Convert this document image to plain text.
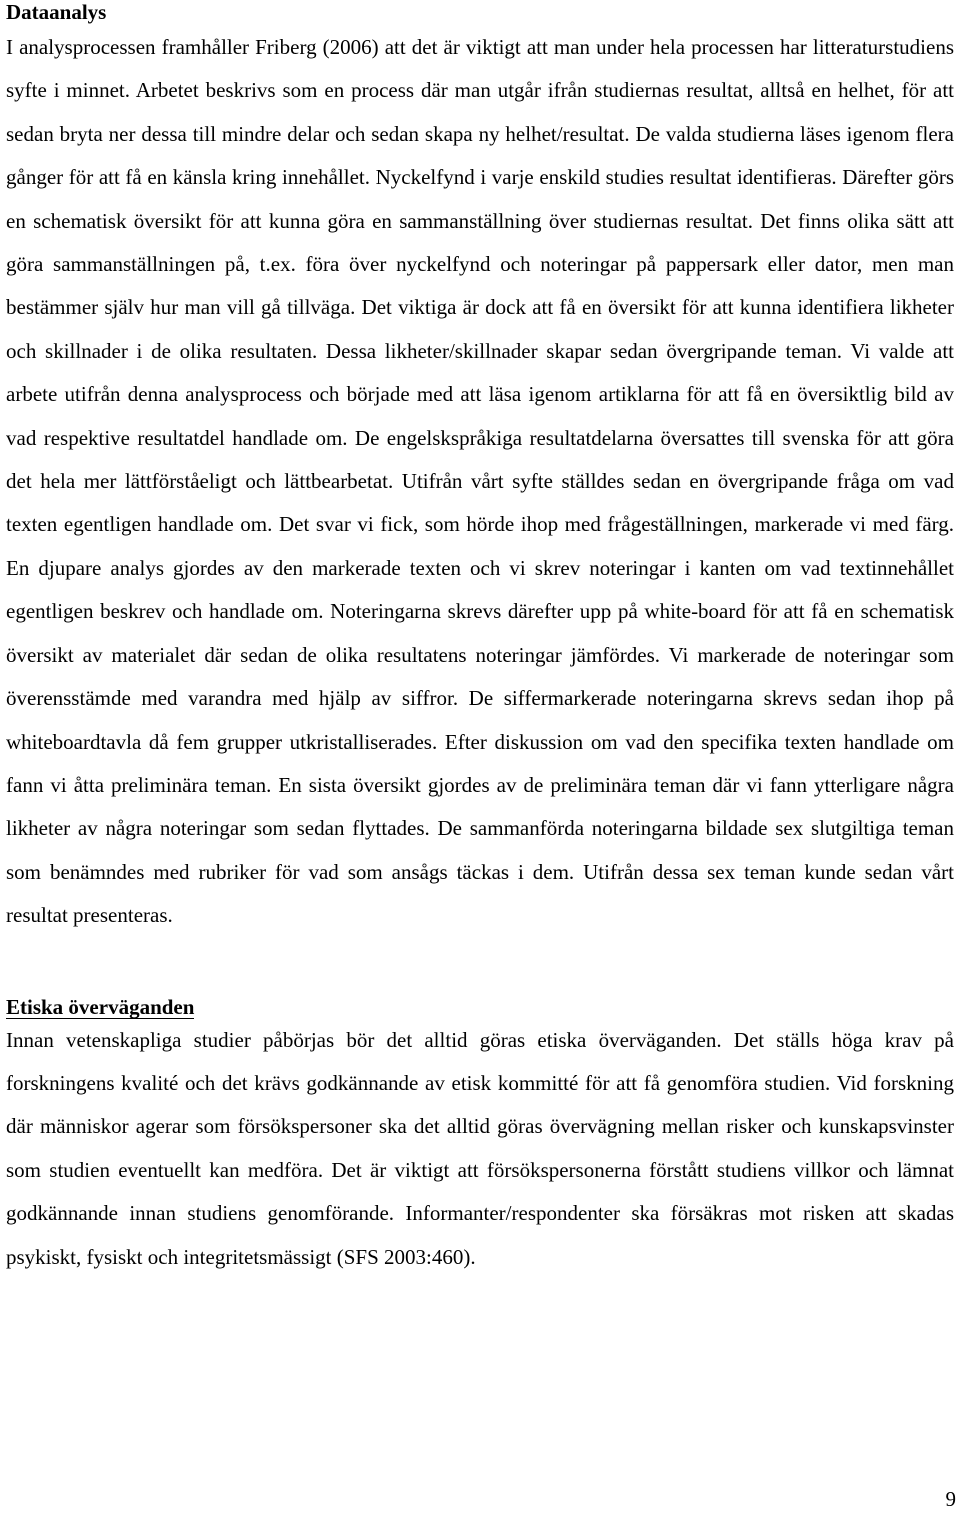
Dataanalys

I analysprocessen framhåller Friberg (2006) att det är viktigt att man under hela processen har litteraturstudiens syfte i minnet. Arbetet beskrivs som en process där man utgår ifrån studiernas resultat, alltså en helhet, för att sedan bryta ner dessa till mindre delar och sedan skapa ny helhet/resultat. De valda studierna läses igenom flera gånger för att få en känsla kring innehållet. Nyckelfynd i varje enskild studies resultat identifieras. Därefter görs en schematisk översikt för att kunna göra en sammanställning över studiernas resultat. Det finns olika sätt att göra sammanställningen på, t.ex. föra över nyckelfynd och noteringar på pappersark eller dator, men man bestämmer själv hur man vill gå tillväga. Det viktiga är dock att få en översikt för att kunna identifiera likheter och skillnader i de olika resultaten. Dessa likheter/skillnader skapar sedan övergripande teman. Vi valde att arbete utifrån denna analysprocess och började med att läsa igenom artiklarna för att få en översiktlig bild av vad respektive resultatdel handlade om. De engelskspråkiga resultatdelarna översattes till svenska för att göra det hela mer lättförståeligt och lättbearbetat. Utifrån vårt syfte ställdes sedan en övergripande fråga om vad texten egentligen handlade om. Det svar vi fick, som hörde ihop med frågeställningen, markerade vi med färg. En djupare analys gjordes av den markerade texten och vi skrev noteringar i kanten om vad textinnehållet egentligen beskrev och handlade om. Noteringarna skrevs därefter upp på white-board för att få en schematisk översikt av materialet där sedan de olika resultatens noteringar jämfördes. Vi markerade de noteringar som överensstämde med varandra med hjälp av siffror. De siffermarkerade noteringarna skrevs sedan ihop på whiteboardtavla då fem grupper utkristalliserades. Efter diskussion om vad den specifika texten handlade om fann vi åtta preliminära teman. En sista översikt gjordes av de preliminära teman där vi fann ytterligare några likheter av några noteringar som sedan flyttades. De sammanförda noteringarna bildade sex slutgiltiga teman som benämndes med rubriker för vad som ansågs täckas i dem. Utifrån dessa sex teman kunde sedan vårt resultat presenteras.

Etiska överväganden

Innan vetenskapliga studier påbörjas bör det alltid göras etiska överväganden. Det ställs höga krav på forskningens kvalité och det krävs godkännande av etisk kommitté för att få genomföra studien. Vid forskning där människor agerar som försökspersoner ska det alltid göras övervägning mellan risker och kunskapsvinster som studien eventuellt kan medföra. Det är viktigt att försökspersonerna förstått studiens villkor och lämnat godkännande innan studiens genomförande. Informanter/respondenter ska försäkras mot risken att skadas psykiskt, fysiskt och integritetsmässigt (SFS 2003:460).

9
